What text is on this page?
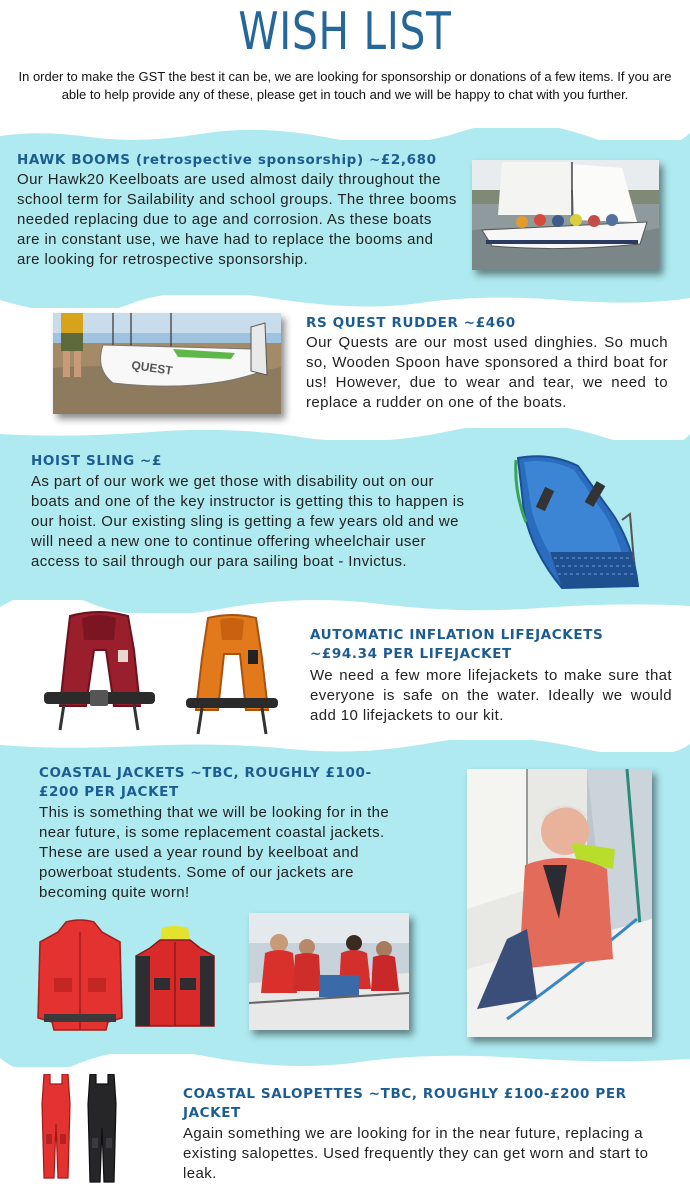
WISH LIST
In order to make the GST the best it can be, we are looking for sponsorship or donations of a few items. If you are able to help provide any of these, please get in touch and we will be happy to chat with you further.
HAWK BOOMS (retrospective sponsorship) ~£2,680
Our Hawk20 Keelboats are used almost daily throughout the school term for Sailability and school groups. The three booms needed replacing due to age and corrosion. As these boats are in constant use, we have had to replace the booms and are looking for retrospective sponsorship.
QUEST
RS QUEST RUDDER ~£460
Our Quests are our most used dinghies. So much so, Wooden Spoon have sponsored a third boat for us! However, due to wear and tear, we need to replace a rudder on one of the boats.
HOIST SLING ~£
As part of our work we get those with disability out on our boats and one of the key instructor is getting this to happen is our hoist. Our existing sling is getting a few years old and we will need a new one to continue offering wheelchair user access to sail through our para sailing boat - Invictus.
AUTOMATIC INFLATION LIFEJACKETS ~£94.34 PER LIFEJACKET
We need a few more lifejackets to make sure that everyone is safe on the water. Ideally we would add 10 lifejackets to our kit.
COASTAL JACKETS ~TBC, ROUGHLY £100-£200 PER JACKET
This is something that we will be looking for in the near future, is some replacement coastal jackets. These are used a year round by keelboat and powerboat students. Some of our jackets are becoming quite worn!
COASTAL SALOPETTES ~TBC, ROUGHLY £100-£200 PER JACKET
Again something we are looking for in the near future, replacing a existing salopettes. Used frequently they can get worn and start to leak.
